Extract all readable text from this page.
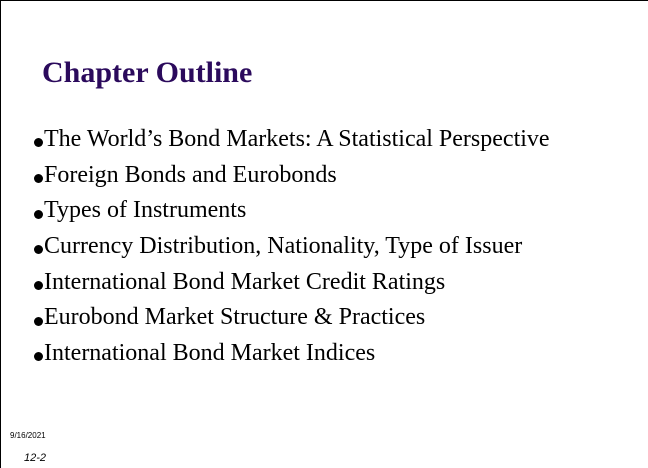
Chapter Outline
The World’s Bond Markets: A Statistical Perspective
Foreign Bonds and Eurobonds
Types of Instruments
Currency Distribution, Nationality, Type of Issuer
International Bond Market Credit Ratings
Eurobond Market Structure & Practices
International Bond Market Indices
9/16/2021
12-2
